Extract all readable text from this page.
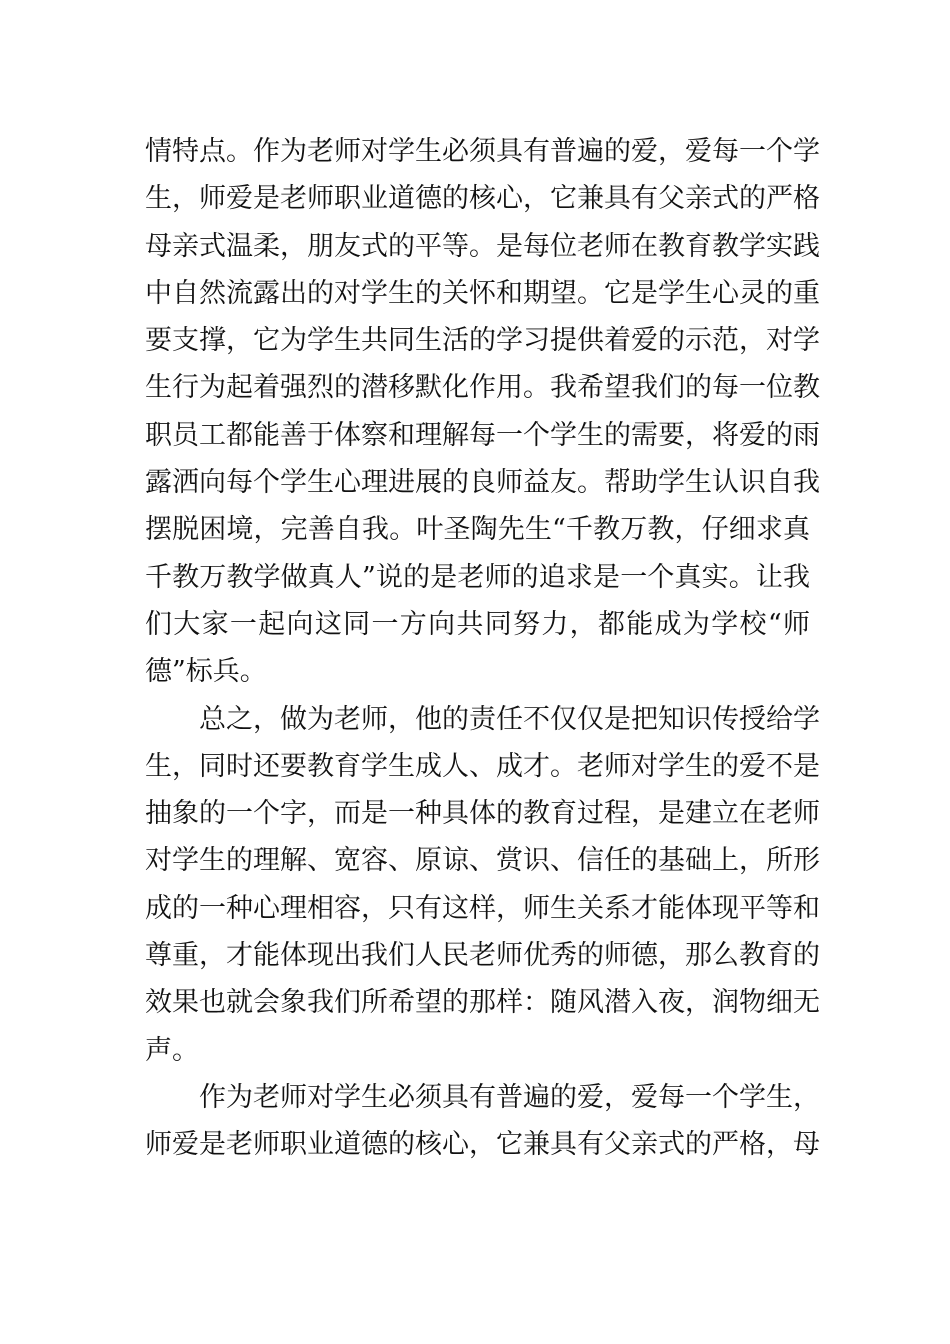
情特点。作为老师对学生必须具有普遍的爱，爱每一个学
生，师爱是老师职业道德的核心，它兼具有父亲式的严格
母亲式温柔，朋友式的平等。是每位老师在教育教学实践
中自然流露出的对学生的关怀和期望。它是学生心灵的重
要支撑，它为学生共同生活的学习提供着爱的示范，对学
生行为起着强烈的潜移默化作用。我希望我们的每一位教
职员工都能善于体察和理解每一个学生的需要，将爱的雨
露洒向每个学生心理进展的良师益友。帮助学生认识自我
摆脱困境，完善自我。叶圣陶先生“千教万教，仔细求真
千教万教学做真人”说的是老师的追求是一个真实。让我
们大家一起向这同一方向共同努力，都能成为学校“师
德”标兵。
总之，做为老师，他的责任不仅仅是把知识传授给学
生，同时还要教育学生成人、成才。老师对学生的爱不是
抽象的一个字，而是一种具体的教育过程，是建立在老师
对学生的理解、宽容、原谅、赏识、信任的基础上，所形
成的一种心理相容，只有这样，师生关系才能体现平等和
尊重，才能体现出我们人民老师优秀的师德，那么教育的
效果也就会象我们所希望的那样：随风潜入夜，润物细无
声。
作为老师对学生必须具有普遍的爱，爱每一个学生，
师爱是老师职业道德的核心，它兼具有父亲式的严格，母
